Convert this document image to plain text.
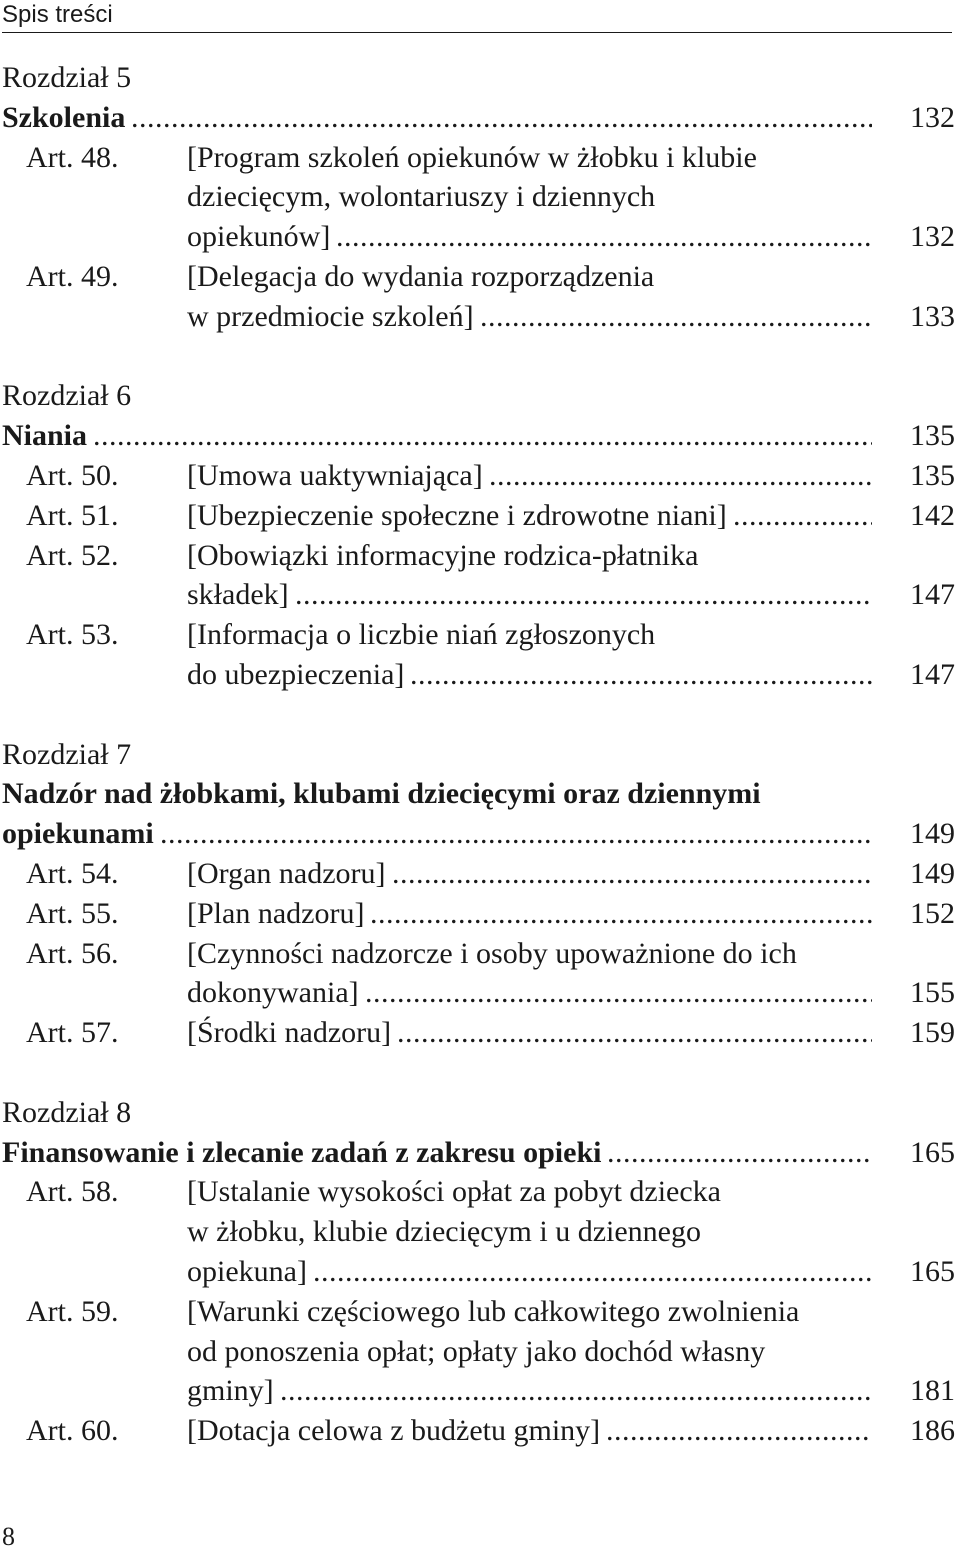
Spis treści
Rozdział 5
Szkolenia .....	132
Art. 48. [Program szkoleń opiekunów w żłobku i klubie
dziecięcym, wolontariuszy i dziennych
opiekunów] .....	132
Art. 49. [Delegacja do wydania rozporządzenia
w przedmiocie szkoleń] .....	133
Rozdział 6
Niania .....	135
Art. 50. [Umowa uaktywniająca] .....	135
Art. 51. [Ubezpieczenie społeczne i zdrowotne niani] .....	142
Art. 52. [Obowiązki informacyjne rodzica-płatnika
składek] .....	147
Art. 53. [Informacja o liczbie niań zgłoszonych
do ubezpieczenia] .....	147
Rozdział 7
Nadzór nad żłobkami, klubami dziecięcymi oraz dziennymi
opiekunami .....	149
Art. 54. [Organ nadzoru] .....	149
Art. 55. [Plan nadzoru] .....	152
Art. 56. [Czynności nadzorcze i osoby upoważnione do ich
dokonywania] .....	155
Art. 57. [Środki nadzoru] .....	159
Rozdział 8
Finansowanie i zlecanie zadań z zakresu opieki .....	165
Art. 58. [Ustalanie wysokości opłat za pobyt dziecka
w żłobku, klubie dziecięcym i u dziennego
opiekuna] .....	165
Art. 59. [Warunki częściowego lub całkowitego zwolnienia
od ponoszenia opłat; opłaty jako dochód własny
gminy] .....	181
Art. 60. [Dotacja celowa z budżetu gminy] .....	186
8
